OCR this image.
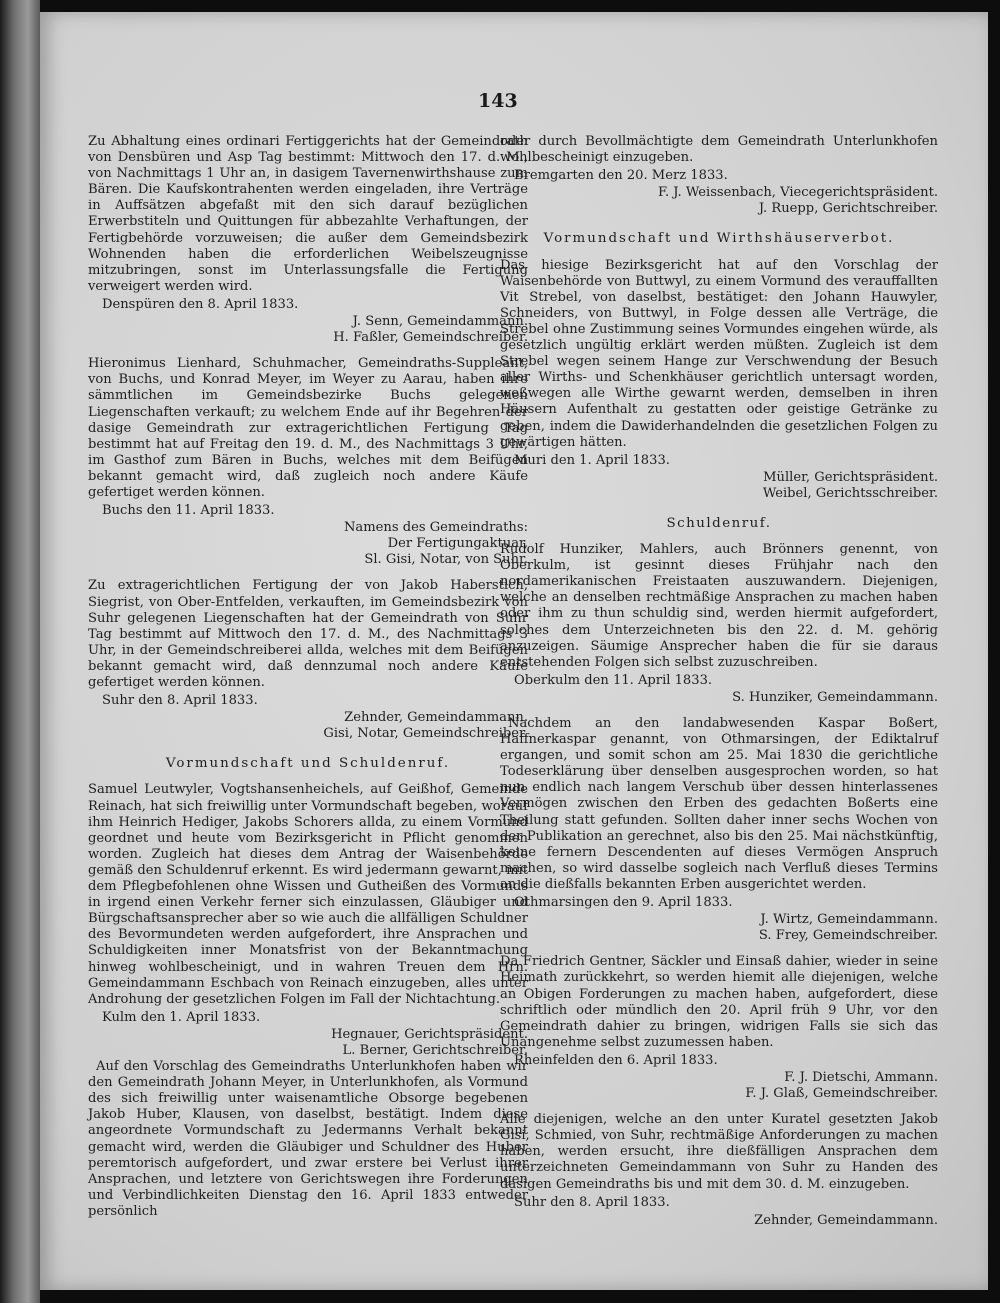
143

Zu Abhaltung eines ordinari Fertiggerichts hat der Gemeindrath von Densbüren und Asp Tag bestimmt: Mittwoch den 17. d. M., von Nachmittags 1 Uhr an, in dasigem Tavernenwirthshause zum Bären. Die Kaufskontrahenten werden eingeladen, ihre Verträge in Auffsätzen abgefaßt mit den sich darauf bezüglichen Erwerbstiteln und Quittungen für abbezahlte Verhaftungen, der Fertigbehörde vorzuweisen; die außer dem Gemeindsbezirk Wohnenden haben die erforderlichen Weibelszeugnisse mitzubringen, sonst im Unterlassungsfalle die Fertigung verweigert werden wird.

Denspüren den 8. April 1833.

J. Senn, Gemeindammann.

H. Faßler, Gemeindschreiber.

Hieronimus Lienhard, Schuhmacher, Gemeindraths-Suppleant, von Buchs, und Konrad Meyer, im Weyer zu Aarau, haben ihre sämmtlichen im Gemeindsbezirke Buchs gelegenen Liegenschaften verkauft; zu welchem Ende auf ihr Begehren der dasige Gemeindrath zur extragerichtlichen Fertigung Tag bestimmt hat auf Freitag den 19. d. M., des Nachmittags 3 Uhr, im Gasthof zum Bären in Buchs, welches mit dem Beifügen bekannt gemacht wird, daß zugleich noch andere Käufe gefertiget werden können.

Buchs den 11. April 1833.

Namens des Gemeindraths:

Der Fertigungaktuar,

Sl. Gisi, Notar, von Suhr.

Zu extragerichtlichen Fertigung der von Jakob Haberstich, Siegrist, von Ober-Entfelden, verkauften, im Gemeindsbezirk von Suhr gelegenen Liegenschaften hat der Gemeindrath von Suhr Tag bestimmt auf Mittwoch den 17. d. M., des Nachmittags 3 Uhr, in der Gemeindschreiberei allda, welches mit dem Beifügen bekannt gemacht wird, daß dennzumal noch andere Käufe gefertiget werden können.

Suhr den 8. April 1833.

Zehnder, Gemeindammann.

Gisi, Notar, Gemeindschreiber.

Vormundschaft und Schuldenruf.

Samuel Leutwyler, Vogtshansenheichels, auf Geißhof, Gemeinde Reinach, hat sich freiwillig unter Vormundschaft begeben, worauf ihm Heinrich Hediger, Jakobs Schorers allda, zu einem Vormund geordnet und heute vom Bezirksgericht in Pflicht genommen worden. Zugleich hat dieses dem Antrag der Waisenbehörde gemäß den Schuldenruf erkennt. Es wird jedermann gewarnt, mit dem Pflegbefohlenen ohne Wissen und Gutheißen des Vormunds in irgend einen Verkehr ferner sich einzulassen, Gläubiger und Bürgschaftsansprecher aber so wie auch die allfälligen Schuldner des Bevormundeten werden aufgefordert, ihre Ansprachen und Schuldigkeiten inner Monatsfrist von der Bekanntmachung hinweg wohlbescheinigt, und in wahren Treuen dem Hrn. Gemeindammann Eschbach von Reinach einzugeben, alles unter Androhung der gesetzlichen Folgen im Fall der Nichtachtung.

Kulm den 1. April 1833.

Hegnauer, Gerichtspräsident.

L. Berner, Gerichtschreiber.

Auf den Vorschlag des Gemeindraths Unterlunkhofen haben wir den Gemeindrath Johann Meyer, in Unterlunkhofen, als Vormund des sich freiwillig unter waisenamtliche Obsorge begebenen Jakob Huber, Klausen, von daselbst, bestätigt. Indem diese angeordnete Vormundschaft zu Jedermanns Verhalt bekannt gemacht wird, werden die Gläubiger und Schuldner des Huber peremtorisch aufgefordert, und zwar erstere bei Verlust ihrer Ansprachen, und letztere von Gerichtswegen ihre Forderungen und Verbindlichkeiten Dienstag den 16. April 1833 entweder persönlich

oder durch Bevollmächtigte dem Gemeindrath Unterlunkhofen wohlbescheinigt einzugeben.

Bremgarten den 20. Merz 1833.

F. J. Weissenbach, Viecegerichtspräsident.

J. Ruepp, Gerichtschreiber.

Vormundschaft und Wirthshäuserverbot.

Das hiesige Bezirksgericht hat auf den Vorschlag der Waisenbehörde von Buttwyl, zu einem Vormund des verauffallten Vit Strebel, von daselbst, bestätiget: den Johann Hauwyler, Schneiders, von Buttwyl, in Folge dessen alle Verträge, die Strebel ohne Zustimmung seines Vormundes eingehen würde, als gesetzlich ungültig erklärt werden müßten. Zugleich ist dem Strebel wegen seinem Hange zur Verschwendung der Besuch aller Wirths- und Schenkhäuser gerichtlich untersagt worden, weßwegen alle Wirthe gewarnt werden, demselben in ihren Häusern Aufenthalt zu gestatten oder geistige Getränke zu geben, indem die Dawiderhandelnden die gesetzlichen Folgen zu gewärtigen hätten.

Muri den 1. April 1833.

Müller, Gerichtspräsident.

Weibel, Gerichtsschreiber.

Schuldenruf.

Rudolf Hunziker, Mahlers, auch Brönners genennt, von Oberkulm, ist gesinnt dieses Frühjahr nach den nordamerikanischen Freistaaten auszuwandern. Diejenigen, welche an denselben rechtmäßige Ansprachen zu machen haben oder ihm zu thun schuldig sind, werden hiermit aufgefordert, solches dem Unterzeichneten bis den 22. d. M. gehörig anzuzeigen. Säumige Ansprecher haben die für sie daraus entstehenden Folgen sich selbst zuzuschreiben.

Oberkulm den 11. April 1833.

S. Hunziker, Gemeindammann.

Nachdem an den landabwesenden Kaspar Boßert, Haffnerkaspar genannt, von Othmarsingen, der Ediktalruf ergangen, und somit schon am 25. Mai 1830 die gerichtliche Todeserklärung über denselben ausgesprochen worden, so hat nun endlich nach langem Verschub über dessen hinterlassenes Vermögen zwischen den Erben des gedachten Boßerts eine Theilung statt gefunden. Sollten daher inner sechs Wochen von der Publikation an gerechnet, also bis den 25. Mai nächstkünftig, keine fernern Descendenten auf dieses Vermögen Anspruch machen, so wird dasselbe sogleich nach Verfluß dieses Termins an die dießfalls bekannten Erben ausgerichtet werden.

Othmarsingen den 9. April 1833.

J. Wirtz, Gemeindammann.

S. Frey, Gemeindschreiber.

Da Friedrich Gentner, Säckler und Einsaß dahier, wieder in seine Heimath zurückkehrt, so werden hiemit alle diejenigen, welche an Obigen Forderungen zu machen haben, aufgefordert, diese schriftlich oder mündlich den 20. April früh 9 Uhr, vor den Gemeindrath dahier zu bringen, widrigen Falls sie sich das Unangenehme selbst zuzumessen haben.

Rheinfelden den 6. April 1833.

F. J. Dietschi, Ammann.

F. J. Glaß, Gemeindschreiber.

Alle diejenigen, welche an den unter Kuratel gesetzten Jakob Gisi, Schmied, von Suhr, rechtmäßige Anforderungen zu machen haben, werden ersucht, ihre dießfälligen Ansprachen dem unterzeichneten Gemeindammann von Suhr zu Handen des dasigen Gemeindraths bis und mit dem 30. d. M. einzugeben.

Suhr den 8. April 1833.

Zehnder, Gemeindammann.
